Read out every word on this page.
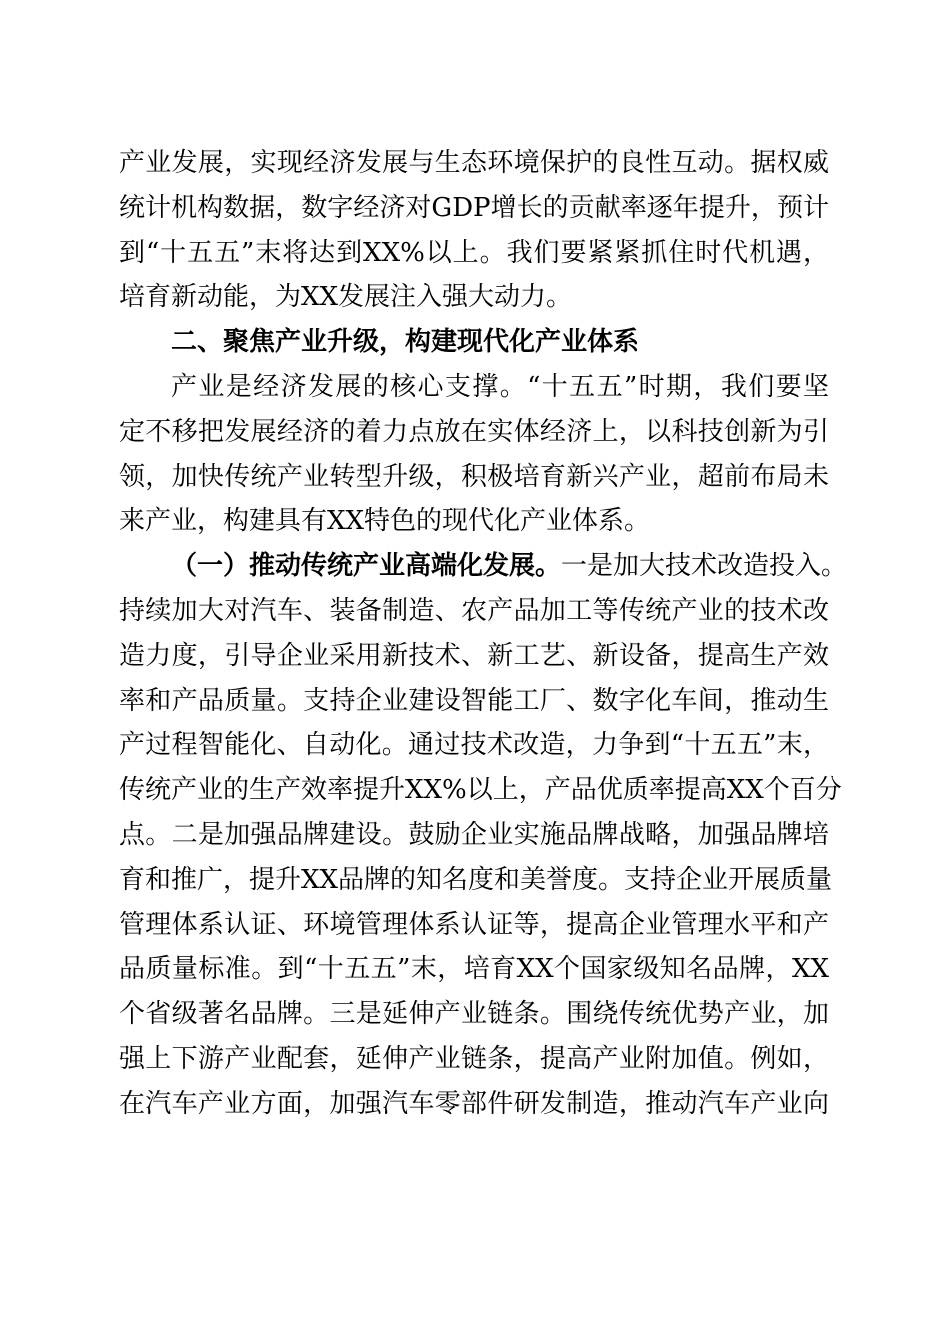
产业发展，实现经济发展与生态环境保护的良性互动。据权威
统计机构数据，数字经济对GDP增长的贡献率逐年提升，预计
到“十五五”末将达到XX%以上。我们要紧紧抓住时代机遇，
培育新动能，为XX发展注入强大动力。
二、聚焦产业升级，构建现代化产业体系
产业是经济发展的核心支撑。“十五五”时期，我们要坚
定不移把发展经济的着力点放在实体经济上，以科技创新为引
领，加快传统产业转型升级，积极培育新兴产业，超前布局未
来产业，构建具有XX特色的现代化产业体系。
（一）推动传统产业高端化发展。一是加大技术改造投入。
持续加大对汽车、装备制造、农产品加工等传统产业的技术改
造力度，引导企业采用新技术、新工艺、新设备，提高生产效
率和产品质量。支持企业建设智能工厂、数字化车间，推动生
产过程智能化、自动化。通过技术改造，力争到“十五五”末，
传统产业的生产效率提升XX%以上，产品优质率提高XX个百分
点。二是加强品牌建设。鼓励企业实施品牌战略，加强品牌培
育和推广，提升XX品牌的知名度和美誉度。支持企业开展质量
管理体系认证、环境管理体系认证等，提高企业管理水平和产
品质量标准。到“十五五”末，培育XX个国家级知名品牌，XX
个省级著名品牌。三是延伸产业链条。围绕传统优势产业，加
强上下游产业配套，延伸产业链条，提高产业附加值。例如，
在汽车产业方面，加强汽车零部件研发制造，推动汽车产业向
